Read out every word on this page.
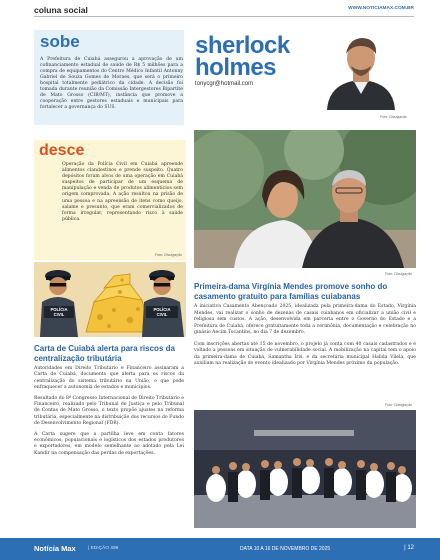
coluna social	WWW.NOTICIAMAX.COM.BR
sobe

A Prefeitura de Cuiabá assegurou a aprovação de um cofinanciamento estadual de saúde de R$ 5 milhões para a compra de equipamentos do Centro Médico Infantil Antonny Gabriel de Souza Gomes de Moraes, que será o primeiro hospital totalmente pediátrico da cidade. A decisão foi tomada durante reunião da Comissão Intergestores Bipartite de Mato Grosso (CIB/MT), instância que promove a cooperação entre gestores estaduais e municipais para fortalecer a governança do SUS.

desce

Operação da Polícia Civil em Cuiabá apreende alimentos clandestinos e prende suspeito. Quatro depósitos foram alvos de uma operação em Cuiabá suspeitos de participar de um esquema de manipulação e venda de produtos alimentícios sem origem comprovada. A ação resultou na prisão de uma pessoa e na apreensão de itens como queijo, salame e presunto, que eram comercializados de forma irregular, representando risco à saúde pública.

Foto: Divulgação
POLÍCIA
CIVIL
POLÍCIA
CIVIL
Carta de Cuiabá alerta para riscos da centralização tributária

Autoridades em Direito Tributário e Financeiro assinaram a Carta de Cuiabá, documento que alerta para os riscos da centralização do sistema tributário na União, o que pode enfraquecer a autonomia de estados e municípios.

Resultado do 8º Congresso Internacional de Direito Tributário e Financeiro, realizado pelo Tribunal de Justiça e pelo Tribunal de Contas de Mato Grosso, o texto propõe ajustes na reforma tributária, especialmente na distribuição dos recursos do Fundo de Desenvolvimento Regional (FDR).

A Carta sugere que a partilha leve em conta fatores econômicos, populacionais e logísticos dos estados produtores e exportadores, em modelo semelhante ao adotado pela Lei Kandir na compensação das perdas de exportações.

sherlock
holmes
tonycgr@hotmail.com
Foto: Divulgação
Primeira-dama Virgínia Mendes promove sonho do casamento gratuito para famílias cuiabanas
Foto: Divulgação

A iniciativa Casamento Abençoado 2025, idealizada pela primeira-dama do Estado, Virgínia Mendes, vai realizar o sonho de dezenas de casais cuiabanos em oficializar a união civil e religiosa sem custos. A ação, desenvolvida em parceria entre o Governo do Estado e a Prefeitura de Cuiabá, oferece gratuitamente toda a cerimônia, documentação e celebração no ginásio Aecim Tocantins, no dia 7 de dezembro.

Com inscrições abertas até 15 de novembro, o projeto já conta com 40 casais cadastrados e é voltado a pessoas em situação de vulnerabilidade social. A mobilização na capital tem o apoio da primeira-dama de Cuiabá, Samantha Iris, e da secretária municipal Halida Vilela, que auxiliam na realização do evento idealizado por Virgínia Mendes próximo da população.

Foto: Divulgação
Notícia Max	| EDIÇÃO 499	DATA 10 A 16 DE NOVEMBRO DE 2025	| 12
